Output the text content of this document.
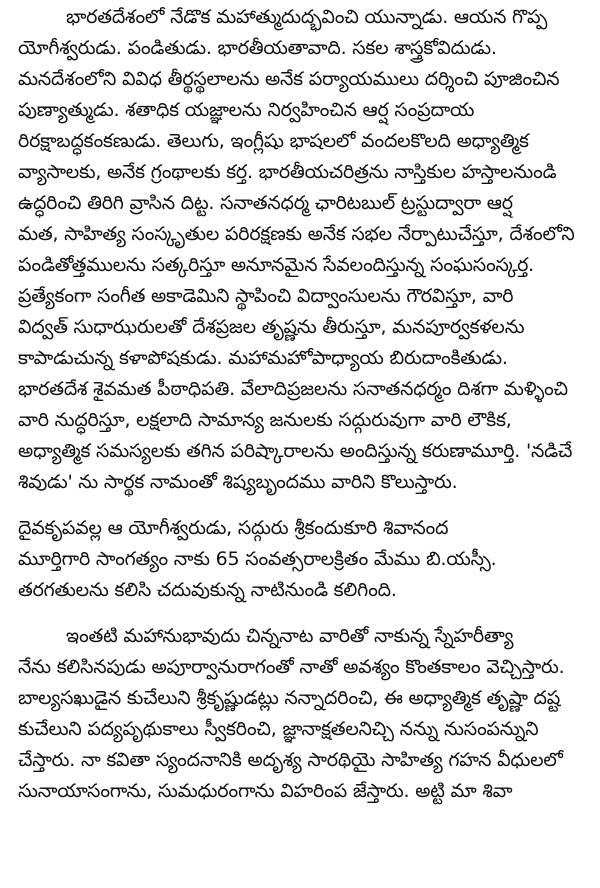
భారతదేశంలో నేడొక మహాత్ముదుద్భవించి యున్నాడు. ఆయన గొప్ప
యోగీశ్వరుడు. పండితుడు. భారతీయతావాది. సకల శాస్త్రకోవిదుడు.
మనదేశంలోని వివిధ తీర్థస్థలాలను అనేక పర్యాయములు దర్శించి పూజించిన
పుణ్యాత్ముడు. శతాధిక యజ్ఞాలను నిర్వహించిన ఆర్ష సంప్రదాయ
రిరక్షాబద్ధకంకణుడు. తెలుగు, ఇంగ్లీషు భాషలలో వందలకొలది అధ్యాత్మిక
వ్యాసాలకు, అనేక గ్రంథాలకు కర్త. భారతీయచరిత్రను నాస్తికుల హస్తాలనుండి
ఉద్ధరించి తిరిగి వ్రాసిన దిట్ట. సనాతనధర్మ ఛారిటబుల్ ట్రస్టుద్వారా ఆర్ష
మత, సాహిత్య సంస్కృతుల పరిరక్షణకు అనేక సభల నేర్పాటుచేస్తూ, దేశంలోని
పండితోత్తములను సత్కరిస్తూ అనూనమైన సేవలందిస్తున్న సంఘసంస్కర్త.
ప్రత్యేకంగా సంగీత అకాడెమిని స్థాపించి విద్వాంసులను గౌరవిస్తూ, వారి
విద్వత్ సుధాఝరులతో దేశప్రజల తృష్ణను తీరుస్తూ, మనపూర్వకళలను
కాపాడుచున్న కళాపోషకుడు. మహామహోపాధ్యాయ బిరుదాంకితుడు.
భారతదేశ శైవమత పీఠాధిపతి. వేలాదిప్రజలను సనాతనధర్మం దిశగా మళ్ళించి
వారి నుద్ధరిస్తూ, లక్షలాది సామాన్య జనులకు సద్గురువుగా వారి లౌకిక,
అధ్యాత్మిక సమస్యలకు తగిన పరిష్కారాలను అందిస్తున్న కరుణామూర్తి. 'నడిచే
శివుడు' ను సార్థక నామంతో శిష్యబృందము వారిని కొలుస్తారు.
దైవకృపవల్ల ఆ యోగీశ్వరుడు, సద్గురు శ్రీకందుకూరి శివానంద
మూర్తిగారి సాంగత్యం నాకు 65 సంవత్సరాలక్రితం మేము బి.యస్సీ.
తరగతులను కలిసి చదువుకున్న నాటినుండి కలిగింది.
ఇంతటి మహానుభావుదు చిన్ననాట వారితో నాకున్న స్నేహరీత్యా
నేను కలిసినపుడు అపూర్వానురాగంతో నాతో అవశ్యం కొంతకాలం వెచ్చిస్తారు.
బాల్యసఖుడైన కుచేలుని శ్రీకృష్ణుడట్లు నన్నాదరించి, ఈ అధ్యాత్మిక తృష్ణా దష్ట
కుచేలుని పద్యపృథుకాలు స్వీకరించి, జ్ఞానాక్షతలనిచ్చి నన్ను నుసంపన్నుని
చేస్తారు. నా కవితా స్యందనానికి అదృశ్య సారథియై సాహిత్య గహన వీధులలో
సునాయాసంగాను, సుమధురంగాను విహరింప జేస్తారు. అట్టి మా శివా
